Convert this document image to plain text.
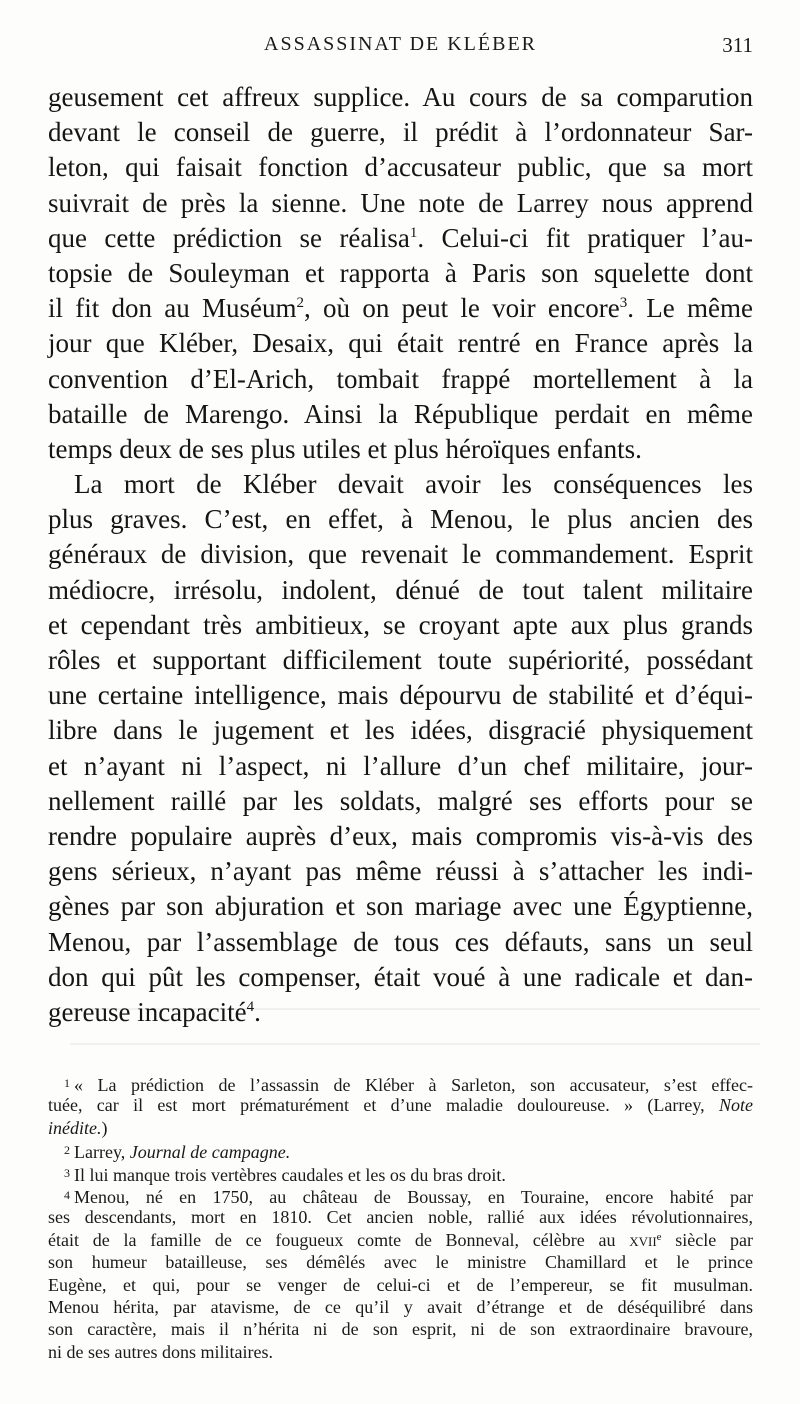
ASSASSINAT DE KLÉBER	311
geusement cet affreux supplice. Au cours de sa comparution
devant le conseil de guerre, il prédit à l’ordonnateur Sar-
leton, qui faisait fonction d’accusateur public, que sa mort
suivrait de près la sienne. Une note de Larrey nous apprend
que cette prédiction se réalisa$^1$. Celui-ci fit pratiquer l’au-
topsie de Souleyman et rapporta à Paris son squelette dont
il fit don au Muséum$^2$, où on peut le voir encore$^3$. Le même
jour que Kléber, Desaix, qui était rentré en France après la
convention d’El-Arich, tombait frappé mortellement à la
bataille de Marengo. Ainsi la République perdait en même
temps deux de ses plus utiles et plus héroïques enfants.
La mort de Kléber devait avoir les conséquences les
plus graves. C’est, en effet, à Menou, le plus ancien des
généraux de division, que revenait le commandement. Esprit
médiocre, irrésolu, indolent, dénué de tout talent militaire
et cependant très ambitieux, se croyant apte aux plus grands
rôles et supportant difficilement toute supériorité, possédant
une certaine intelligence, mais dépourvu de stabilité et d’équi-
libre dans le jugement et les idées, disgracié physiquement
et n’ayant ni l’aspect, ni l’allure d’un chef militaire, jour-
nellement raillé par les soldats, malgré ses efforts pour se
rendre populaire auprès d’eux, mais compromis vis-à-vis des
gens sérieux, n’ayant pas même réussi à s’attacher les indi-
gènes par son abjuration et son mariage avec une Égyptienne,
Menou, par l’assemblage de tous ces défauts, sans un seul
don qui pût les compenser, était voué à une radicale et dan-
gereuse incapacité$^4$.
$^1$ « La prédiction de l’assassin de Kléber à Sarleton, son accusateur, s’est effec-
tuée, car il est mort prématurément et d’une maladie douloureuse. » (Larrey, Note
inédite.)
$^2$ Larrey, Journal de campagne.
$^3$ Il lui manque trois vertèbres caudales et les os du bras droit.
$^4$ Menou, né en 1750, au château de Boussay, en Touraine, encore habité par
ses descendants, mort en 1810. Cet ancien noble, rallié aux idées révolutionnaires,
était de la famille de ce fougueux comte de Bonneval, célèbre au xvii$^e$ siècle par
son humeur batailleuse, ses démêlés avec le ministre Chamillard et le prince
Eugène, et qui, pour se venger de celui-ci et de l’empereur, se fit musulman.
Menou hérita, par atavisme, de ce qu’il y avait d’étrange et de déséquilibré dans
son caractère, mais il n’hérita ni de son esprit, ni de son extraordinaire bravoure,
ni de ses autres dons militaires.
